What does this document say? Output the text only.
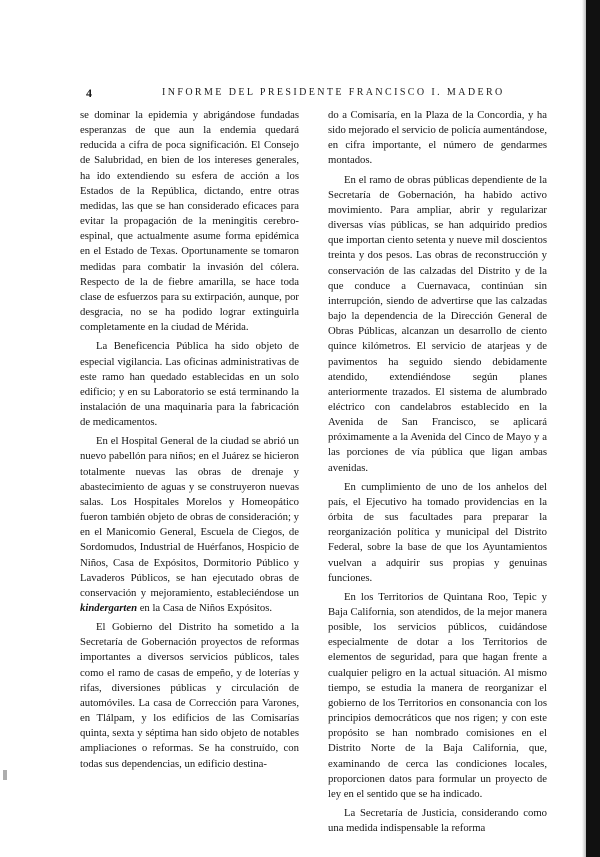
4	INFORME DEL PRESIDENTE FRANCISCO I. MADERO

se dominar la epidemia y abrigándose fundadas esperanzas de que aun la endemia quedará reducida a cifra de poca significación. El Consejo de Salubridad, en bien de los intereses generales, ha ido extendiendo su esfera de acción a los Estados de la República, dictando, entre otras medidas, las que se han considerado eficaces para evitar la propagación de la meningitis cerebro-espinal, que actualmente asume forma epidémica en el Estado de Texas. Oportunamente se tomaron medidas para combatir la invasión del cólera. Respecto de la de fiebre amarilla, se hace toda clase de esfuerzos para su extirpación, aunque, por desgracia, no se ha podido lograr extinguirla completamente en la ciudad de Mérida.

La Beneficencia Pública ha sido objeto de especial vigilancia. Las oficinas administrativas de este ramo han quedado establecidas en un solo edificio; y en su Laboratorio se está terminando la instalación de una maquinaria para la fabricación de medicamentos.

En el Hospital General de la ciudad se abrió un nuevo pabellón para niños; en el Juárez se hicieron totalmente nuevas las obras de drenaje y abastecimiento de aguas y se construyeron nuevas salas. Los Hospitales Morelos y Homeopático fueron también objeto de obras de consideración; y en el Manicomio General, Escuela de Ciegos, de Sordomudos, Industrial de Huérfanos, Hospicio de Niños, Casa de Expósitos, Dormitorio Público y Lavaderos Públicos, se han ejecutado obras de conservación y mejoramiento, estableciéndose un kindergarten en la Casa de Niños Expósitos.

El Gobierno del Distrito ha sometido a la Secretaría de Gobernación proyectos de reformas importantes a diversos servicios públicos, tales como el ramo de casas de empeño, y de loterías y rifas, diversiones públicas y circulación de automóviles. La casa de Corrección para Varones, en Tlálpam, y los edificios de las Comisarías quinta, sexta y séptima han sido objeto de notables ampliaciones o reformas. Se ha construído, con todas sus dependencias, un edificio destina-

do a Comisaría, en la Plaza de la Concordia, y ha sido mejorado el servicio de policía aumentándose, en cifra importante, el número de gendarmes montados.

En el ramo de obras públicas dependiente de la Secretaría de Gobernación, ha habido activo movimiento. Para ampliar, abrir y regularizar diversas vías públicas, se han adquirido predios que importan ciento setenta y nueve mil doscientos treinta y dos pesos. Las obras de reconstrucción y conservación de las calzadas del Distrito y de la que conduce a Cuernavaca, continúan sin interrupción, siendo de advertirse que las calzadas bajo la dependencia de la Dirección General de Obras Públicas, alcanzan un desarrollo de ciento quince kilómetros. El servicio de atarjeas y de pavimentos ha seguido siendo debidamente atendido, extendiéndose según planes anteriormente trazados. El sistema de alumbrado eléctrico con candelabros establecido en la Avenida de San Francisco, se aplicará próximamente a la Avenida del Cinco de Mayo y a las porciones de vía pública que ligan ambas avenidas.

En cumplimiento de uno de los anhelos del país, el Ejecutivo ha tomado providencias en la órbita de sus facultades para preparar la reorganización política y municipal del Distrito Federal, sobre la base de que los Ayuntamientos vuelvan a adquirir sus propias y genuinas funciones.

En los Territorios de Quintana Roo, Tepic y Baja California, son atendidos, de la mejor manera posible, los servicios públicos, cuidándose especialmente de dotar a los Territorios de elementos de seguridad, para que hagan frente a cualquier peligro en la actual situación. Al mismo tiempo, se estudia la manera de reorganizar el gobierno de los Territorios en consonancia con los principios democráticos que nos rigen; y con este propósito se han nombrado comisiones en el Distrito Norte de la Baja California, que, examinando de cerca las condiciones locales, proporcionen datos para formular un proyecto de ley en el sentido que se ha indicado.

La Secretaría de Justicia, considerando como una medida indispensable la reforma
